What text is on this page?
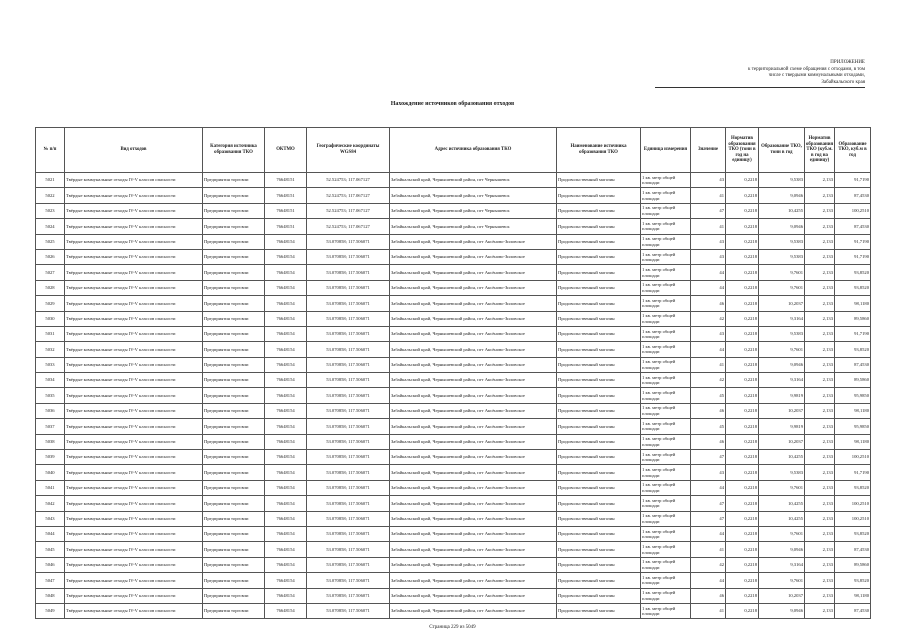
ПРИЛОЖЕНИЕ
к территориальной схеме обращения с отходами, в том
числе с твердыми коммунальными отходами,
Забайкальского края
Нахождение источников образования отходов
№ п/п	Вид отходов	Категория источника образования ТКО	ОКТМО	Географические координаты WGS84	Адрес источника образования ТКО	Наименование источника образования ТКО	Единица измерения	Значение	Норматив образования ТКО (тонн в год на единицу)	Образование ТКО, тонн в год	Норматив образования ТКО (куб.м. в год на единицу)	Образование ТКО, куб.м в год
5021	Твёрдые коммунальные отходы IV-V классов опасности	Предприятия торговли	76648151	52.524753; 117.067127	Забайкальский край, Чернышевский район, пгт Чернышевск	Продовольственный магазин	1 кв. метр общей площади	43	0,2218	9,5383	2,133	91,7190
5022	Твёрдые коммунальные отходы IV-V классов опасности	Предприятия торговли	76648151	52.524753; 117.067127	Забайкальский край, Чернышевский район, пгт Чернышевск	Продовольственный магазин	1 кв. метр общей площади	41	0,2218	9,0946	2,133	87,4530
5023	Твёрдые коммунальные отходы IV-V классов опасности	Предприятия торговли	76648151	52.524753; 117.067127	Забайкальский край, Чернышевский район, пгт Чернышевск	Продовольственный магазин	1 кв. метр общей площади	47	0,2218	10,4255	2,133	100,2510
5024	Твёрдые коммунальные отходы IV-V классов опасности	Предприятия торговли	76648151	52.524753; 117.067127	Забайкальский край, Чернышевский район, пгт Чернышевск	Продовольственный магазин	1 кв. метр общей площади	41	0,2218	9,0946	2,133	87,4530
5025	Твёрдые коммунальные отходы IV-V классов опасности	Предприятия торговли	76648154	53.070858; 117.506071	Забайкальский край, Чернышевский район, пгт Аксёново-Зиловское	Продовольственный магазин	1 кв. метр общей площади	43	0,2218	9,5383	2,133	91,7190
5026	Твёрдые коммунальные отходы IV-V классов опасности	Предприятия торговли	76648154	53.070858; 117.506071	Забайкальский край, Чернышевский район, пгт Аксёново-Зиловское	Продовольственный магазин	1 кв. метр общей площади	43	0,2218	9,5383	2,133	91,7190
5027	Твёрдые коммунальные отходы IV-V классов опасности	Предприятия торговли	76648154	53.070858; 117.506071	Забайкальский край, Чернышевский район, пгт Аксёново-Зиловское	Продовольственный магазин	1 кв. метр общей площади	44	0,2218	9,7601	2,133	93,8520
5028	Твёрдые коммунальные отходы IV-V классов опасности	Предприятия торговли	76648154	53.070858; 117.506071	Забайкальский край, Чернышевский район, пгт Аксёново-Зиловское	Продовольственный магазин	1 кв. метр общей площади	44	0,2218	9,7601	2,133	93,8520
5029	Твёрдые коммунальные отходы IV-V классов опасности	Предприятия торговли	76648154	53.070858; 117.506071	Забайкальский край, Чернышевский район, пгт Аксёново-Зиловское	Продовольственный магазин	1 кв. метр общей площади	46	0,2218	10,2037	2,133	98,1180
5030	Твёрдые коммунальные отходы IV-V классов опасности	Предприятия торговли	76648154	53.070858; 117.506071	Забайкальский край, Чернышевский район, пгт Аксёново-Зиловское	Продовольственный магазин	1 кв. метр общей площади	42	0,2218	9,3164	2,133	89,5860
5031	Твёрдые коммунальные отходы IV-V классов опасности	Предприятия торговли	76648154	53.070858; 117.506071	Забайкальский край, Чернышевский район, пгт Аксёново-Зиловское	Продовольственный магазин	1 кв. метр общей площади	43	0,2218	9,5383	2,133	91,7190
5032	Твёрдые коммунальные отходы IV-V классов опасности	Предприятия торговли	76648154	53.070858; 117.506071	Забайкальский край, Чернышевский район, пгт Аксёново-Зиловское	Продовольственный магазин	1 кв. метр общей площади	44	0,2218	9,7601	2,133	93,8520
5033	Твёрдые коммунальные отходы IV-V классов опасности	Предприятия торговли	76648154	53.070858; 117.506071	Забайкальский край, Чернышевский район, пгт Аксёново-Зиловское	Продовольственный магазин	1 кв. метр общей площади	41	0,2218	9,0946	2,133	87,4530
5034	Твёрдые коммунальные отходы IV-V классов опасности	Предприятия торговли	76648154	53.070858; 117.506071	Забайкальский край, Чернышевский район, пгт Аксёново-Зиловское	Продовольственный магазин	1 кв. метр общей площади	42	0,2218	9,3164	2,133	89,5860
5035	Твёрдые коммунальные отходы IV-V классов опасности	Предприятия торговли	76648154	53.070858; 117.506071	Забайкальский край, Чернышевский район, пгт Аксёново-Зиловское	Продовольственный магазин	1 кв. метр общей площади	45	0,2218	9,9819	2,133	95,9850
5036	Твёрдые коммунальные отходы IV-V классов опасности	Предприятия торговли	76648154	53.070858; 117.506071	Забайкальский край, Чернышевский район, пгт Аксёново-Зиловское	Продовольственный магазин	1 кв. метр общей площади	46	0,2218	10,2037	2,133	98,1180
5037	Твёрдые коммунальные отходы IV-V классов опасности	Предприятия торговли	76648154	53.070858; 117.506071	Забайкальский край, Чернышевский район, пгт Аксёново-Зиловское	Продовольственный магазин	1 кв. метр общей площади	45	0,2218	9,9819	2,133	95,9850
5038	Твёрдые коммунальные отходы IV-V классов опасности	Предприятия торговли	76648154	53.070858; 117.506071	Забайкальский край, Чернышевский район, пгт Аксёново-Зиловское	Продовольственный магазин	1 кв. метр общей площади	46	0,2218	10,2037	2,133	98,1180
5039	Твёрдые коммунальные отходы IV-V классов опасности	Предприятия торговли	76648154	53.070858; 117.506071	Забайкальский край, Чернышевский район, пгт Аксёново-Зиловское	Продовольственный магазин	1 кв. метр общей площади	47	0,2218	10,4255	2,133	100,2510
5040	Твёрдые коммунальные отходы IV-V классов опасности	Предприятия торговли	76648154	53.070858; 117.506071	Забайкальский край, Чернышевский район, пгт Аксёново-Зиловское	Продовольственный магазин	1 кв. метр общей площади	43	0,2218	9,5383	2,133	91,7190
5041	Твёрдые коммунальные отходы IV-V классов опасности	Предприятия торговли	76648154	53.070858; 117.506071	Забайкальский край, Чернышевский район, пгт Аксёново-Зиловское	Продовольственный магазин	1 кв. метр общей площади	44	0,2218	9,7601	2,133	93,8520
5042	Твёрдые коммунальные отходы IV-V классов опасности	Предприятия торговли	76648154	53.070858; 117.506071	Забайкальский край, Чернышевский район, пгт Аксёново-Зиловское	Продовольственный магазин	1 кв. метр общей площади	47	0,2218	10,4255	2,133	100,2510
5043	Твёрдые коммунальные отходы IV-V классов опасности	Предприятия торговли	76648154	53.070858; 117.506071	Забайкальский край, Чернышевский район, пгт Аксёново-Зиловское	Продовольственный магазин	1 кв. метр общей площади	47	0,2218	10,4255	2,133	100,2510
5044	Твёрдые коммунальные отходы IV-V классов опасности	Предприятия торговли	76648154	53.070858; 117.506071	Забайкальский край, Чернышевский район, пгт Аксёново-Зиловское	Продовольственный магазин	1 кв. метр общей площади	44	0,2218	9,7601	2,133	93,8520
5045	Твёрдые коммунальные отходы IV-V классов опасности	Предприятия торговли	76648154	53.070858; 117.506071	Забайкальский край, Чернышевский район, пгт Аксёново-Зиловское	Продовольственный магазин	1 кв. метр общей площади	41	0,2218	9,0946	2,133	87,4530
5046	Твёрдые коммунальные отходы IV-V классов опасности	Предприятия торговли	76648154	53.070858; 117.506071	Забайкальский край, Чернышевский район, пгт Аксёново-Зиловское	Продовольственный магазин	1 кв. метр общей площади	42	0,2218	9,3164	2,133	89,5860
5047	Твёрдые коммунальные отходы IV-V классов опасности	Предприятия торговли	76648154	53.070858; 117.506071	Забайкальский край, Чернышевский район, пгт Аксёново-Зиловское	Продовольственный магазин	1 кв. метр общей площади	44	0,2218	9,7601	2,133	93,8520
5048	Твёрдые коммунальные отходы IV-V классов опасности	Предприятия торговли	76648154	53.070858; 117.506071	Забайкальский край, Чернышевский район, пгт Аксёново-Зиловское	Продовольственный магазин	1 кв. метр общей площади	46	0,2218	10,2037	2,133	98,1180
5049	Твёрдые коммунальные отходы IV-V классов опасности	Предприятия торговли	76648154	53.070858; 117.506071	Забайкальский край, Чернышевский район, пгт Аксёново-Зиловское	Продовольственный магазин	1 кв. метр общей площади	41	0,2218	9,0946	2,133	87,4530
Страница 229 из 5049
